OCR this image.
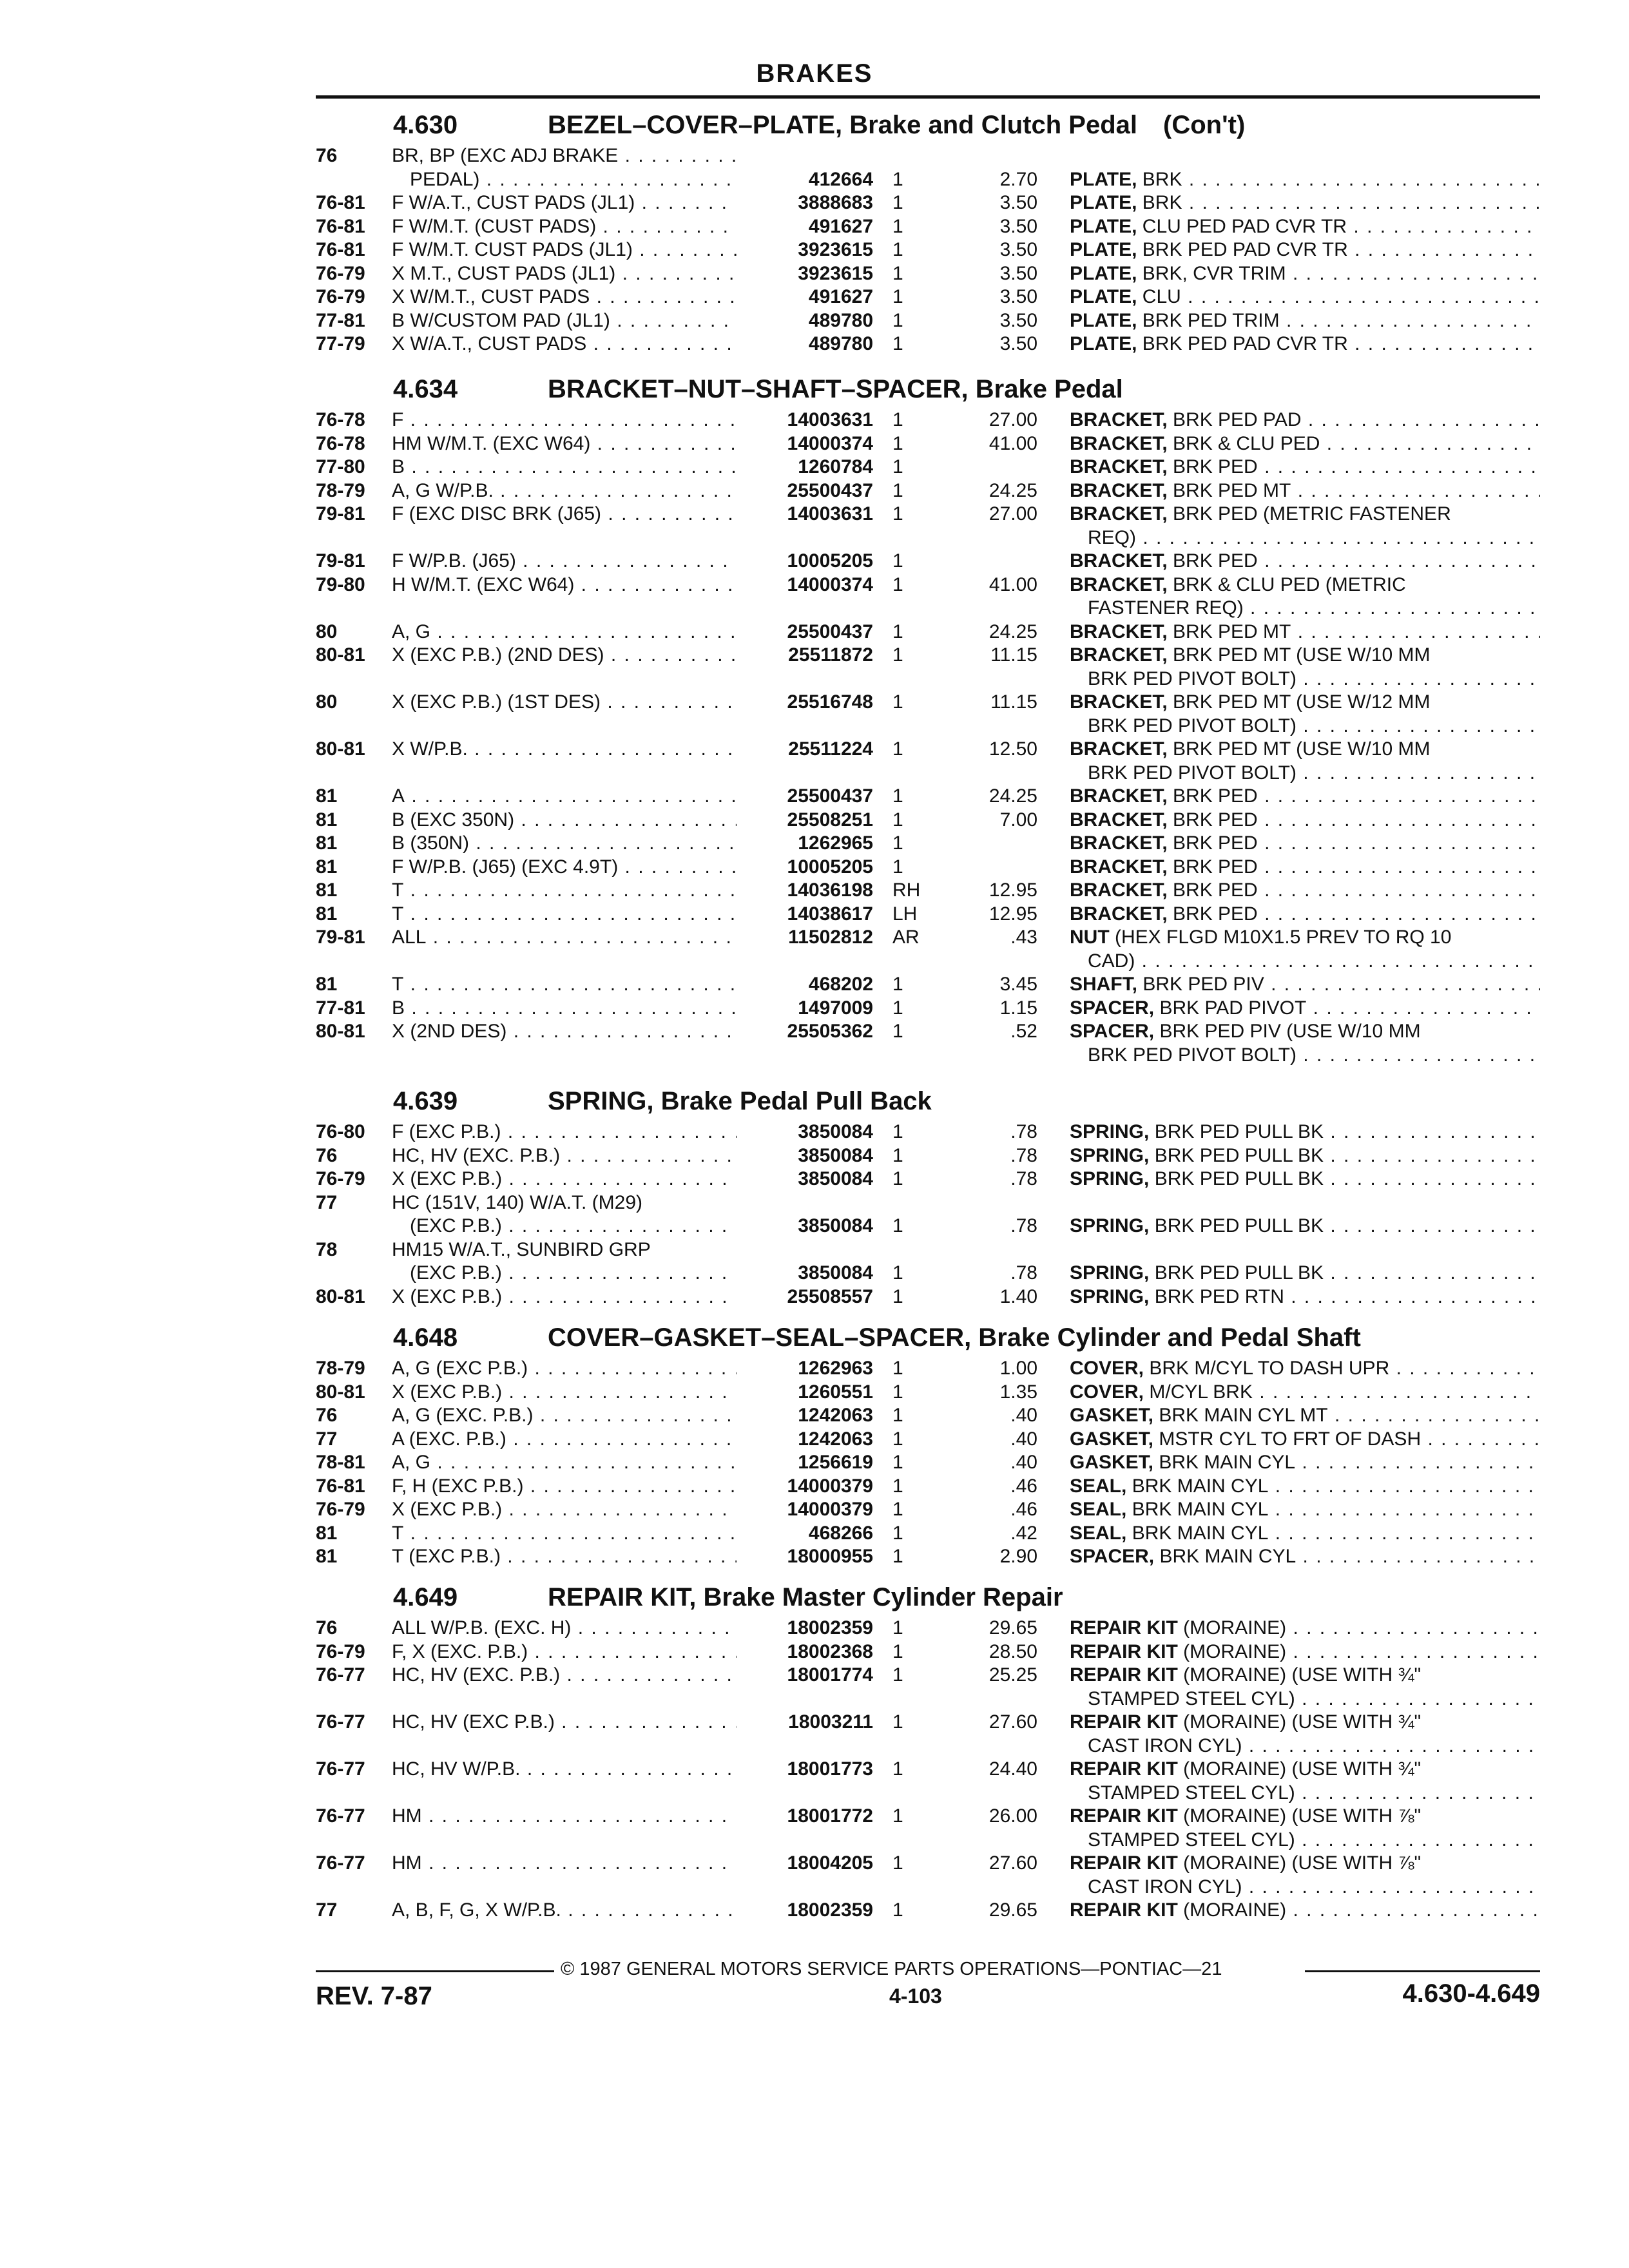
BRAKES
4.630	BEZEL–COVER–PLATE, Brake and Clutch Pedal (Con't)
76	BR, BP (EXC ADJ BRAKE . . .
PEDAL) . . .	412664 1	2.70 PLATE, BRK . . .
76-81 F W/A.T., CUST PADS (JL1) . . .	3888683 1	3.50 PLATE, BRK . . .
76-81 F W/M.T. (CUST PADS) . . .	491627 1	3.50 PLATE, CLU PED PAD CVR TR . . .
76-81 F W/M.T. CUST PADS (JL1) . . .	3923615 1	3.50 PLATE, BRK PED PAD CVR TR . . .
76-79 X M.T., CUST PADS (JL1) . . .	3923615 1	3.50 PLATE, BRK, CVR TRIM . . .
76-79 X W/M.T., CUST PADS . . .	491627 1	3.50 PLATE, CLU . . .
77-81 B W/CUSTOM PAD (JL1) . . .	489780 1	3.50 PLATE, BRK PED TRIM . . .
77-79 X W/A.T., CUST PADS . . .	489780 1	3.50 PLATE, BRK PED PAD CVR TR . . .
4.634	BRACKET–NUT–SHAFT–SPACER, Brake Pedal
76-78 F . . .	14003631 1	27.00 BRACKET, BRK PED PAD . . .
76-78 HM W/M.T. (EXC W64) . . .	14000374 1	41.00 BRACKET, BRK & CLU PED . . .
77-80 B . . .	1260784 1	BRACKET, BRK PED . . .
78-79 A, G W/P.B. . . .	25500437 1	24.25 BRACKET, BRK PED MT . . .
79-81 F (EXC DISC BRK (J65) . . .	14003631 1	27.00 BRACKET, BRK PED (METRIC FASTENER
REQ) . . .
79-81 F W/P.B. (J65) . . .	10005205 1	BRACKET, BRK PED . . .
79-80 H W/M.T. (EXC W64) . . .	14000374 1	41.00 BRACKET, BRK & CLU PED (METRIC
FASTENER REQ) . . .
80	A, G . . .	25500437 1	24.25 BRACKET, BRK PED MT . . .
80-81 X (EXC P.B.) (2ND DES) . . .	25511872 1	11.15 BRACKET, BRK PED MT (USE W/10 MM
BRK PED PIVOT BOLT) . . .
80	X (EXC P.B.) (1ST DES) . . .	25516748 1	11.15 BRACKET, BRK PED MT (USE W/12 MM
BRK PED PIVOT BOLT) . . .
80-81 X W/P.B. . . .	25511224 1	12.50 BRACKET, BRK PED MT (USE W/10 MM
BRK PED PIVOT BOLT) . . .
81	A . . .	25500437 1	24.25 BRACKET, BRK PED . . .
81	B (EXC 350N) . . .	25508251 1	7.00 BRACKET, BRK PED . . .
81	B (350N) . . .	1262965 1	BRACKET, BRK PED . . .
81	F W/P.B. (J65) (EXC 4.9T) . . .	10005205 1	BRACKET, BRK PED . . .
81	T . . .	14036198 RH	12.95 BRACKET, BRK PED . . .
81	T . . .	14038617 LH	12.95 BRACKET, BRK PED . . .
79-81 ALL . . .	11502812 AR	.43 NUT (HEX FLGD M10X1.5 PREV TO RQ 10
CAD) . . .
81	T . . .	468202 1	3.45 SHAFT, BRK PED PIV . . .
77-81 B . . .	1497009 1	1.15 SPACER, BRK PAD PIVOT . . .
80-81 X (2ND DES) . . .	25505362 1	.52 SPACER, BRK PED PIV (USE W/10 MM
BRK PED PIVOT BOLT) . . .
4.639	SPRING, Brake Pedal Pull Back
76-80 F (EXC P.B.) . . .	3850084 1	.78 SPRING, BRK PED PULL BK . . .
76	HC, HV (EXC. P.B.) . . .	3850084 1	.78 SPRING, BRK PED PULL BK . . .
76-79 X (EXC P.B.) . . .	3850084 1	.78 SPRING, BRK PED PULL BK . . .
77	HC (151V, 140) W/A.T. (M29)
(EXC P.B.) . . .	3850084 1	.78 SPRING, BRK PED PULL BK . . .
78	HM15 W/A.T., SUNBIRD GRP
(EXC P.B.) . . .	3850084 1	.78 SPRING, BRK PED PULL BK . . .
80-81 X (EXC P.B.) . . .	25508557 1	1.40 SPRING, BRK PED RTN . . .
4.648	COVER–GASKET–SEAL–SPACER, Brake Cylinder and Pedal Shaft
78-79 A, G (EXC P.B.) . . .	1262963 1	1.00 COVER, BRK M/CYL TO DASH UPR . . .
80-81 X (EXC P.B.) . . .	1260551 1	1.35 COVER, M/CYL BRK . . .
76	A, G (EXC. P.B.) . . .	1242063 1	.40 GASKET, BRK MAIN CYL MT . . .
77	A (EXC. P.B.) . . .	1242063 1	.40 GASKET, MSTR CYL TO FRT OF DASH . . .
78-81 A, G . . .	1256619 1	.40 GASKET, BRK MAIN CYL . . .
76-81 F, H (EXC P.B.) . . .	14000379 1	.46 SEAL, BRK MAIN CYL . . .
76-79 X (EXC P.B.) . . .	14000379 1	.46 SEAL, BRK MAIN CYL . . .
81	T . . .	468266 1	.42 SEAL, BRK MAIN CYL . . .
81	T (EXC P.B.) . . .	18000955 1	2.90 SPACER, BRK MAIN CYL . . .
4.649	REPAIR KIT, Brake Master Cylinder Repair
76	ALL W/P.B. (EXC. H) . . .	18002359 1	29.65 REPAIR KIT (MORAINE) . . .
76-79 F, X (EXC. P.B.) . . .	18002368 1	28.50 REPAIR KIT (MORAINE) . . .
76-77 HC, HV (EXC. P.B.) . . .	18001774 1	25.25 REPAIR KIT (MORAINE) (USE WITH ¾"
STAMPED STEEL CYL) . . .
76-77 HC, HV (EXC P.B.) . . .	18003211 1	27.60 REPAIR KIT (MORAINE) (USE WITH ¾"
CAST IRON CYL) . . .
76-77 HC, HV W/P.B. . . .	18001773 1	24.40 REPAIR KIT (MORAINE) (USE WITH ¾"
STAMPED STEEL CYL) . . .
76-77 HM . . .	18001772 1	26.00 REPAIR KIT (MORAINE) (USE WITH ⅞"
STAMPED STEEL CYL) . . .
76-77 HM . . .	18004205 1	27.60 REPAIR KIT (MORAINE) (USE WITH ⅞"
CAST IRON CYL) . . .
77	A, B, F, G, X W/P.B. . . .	18002359 1	29.65 REPAIR KIT (MORAINE) . . .
© 1987 GENERAL MOTORS SERVICE PARTS OPERATIONS—PONTIAC—21
REV. 7-87	4-103	4.630-4.649
